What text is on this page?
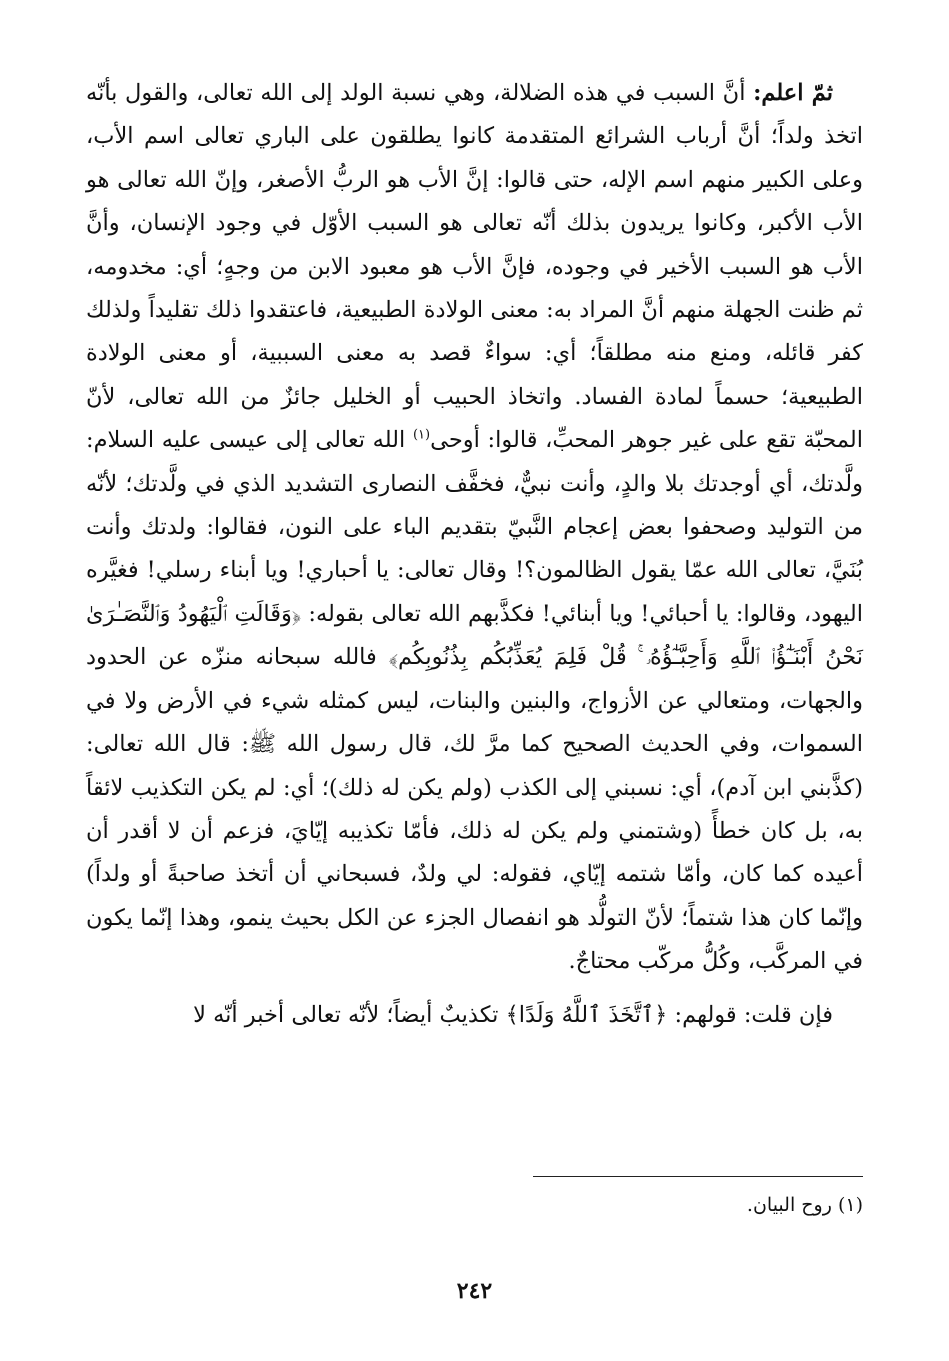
ثمّ اعلم: أنَّ السبب في هذه الضلالة، وهي نسبة الولد إلى الله تعالى، والقول بأنّه اتخذ ولداً؛ أنَّ أرباب الشرائع المتقدمة كانوا يطلقون على الباري تعالى اسم الأب، وعلى الكبير منهم اسم الإله، حتى قالوا: إنَّ الأب هو الربُّ الأصغر، وإنّ الله تعالى هو الأب الأكبر، وكانوا يريدون بذلك أنّه تعالى هو السبب الأوّل في وجود الإنسان، وأنَّ الأب هو السبب الأخير في وجوده، فإنَّ الأب هو معبود الابن من وجهٍ؛ أي: مخدومه، ثم ظنت الجهلة منهم أنَّ المراد به: معنى الولادة الطبيعية، فاعتقدوا ذلك تقليداً ولذلك كفر قائله، ومنع منه مطلقاً؛ أي: سواءٌ قصد به معنى السببية، أو معنى الولادة الطبيعية؛ حسماً لمادة الفساد. واتخاذ الحبيب أو الخليل جائزٌ من الله تعالى، لأنّ المحبّة تقع على غير جوهر المحبِّ، قالوا: أوحى$^{(١)}$ الله تعالى إلى عيسى عليه السلام: ولَّدتك، أي أوجدتك بلا والدٍ، وأنت نبيٌّ، فخفَّف النصارى التشديد الذي في ولَّدتك؛ لأنّه من التوليد وصحفوا بعض إعجام النَّبيّ بتقديم الباء على النون، فقالوا: ولدتك وأنت بُنَيَّ، تعالى الله عمّا يقول الظالمون؟! وقال تعالى: يا أحباري! ويا أبناء رسلي! فغيَّره اليهود، وقالوا: يا أحبائي! ويا أبنائي! فكذَّبهم الله تعالى بقوله: ﴿وَقَالَتِ ٱلْيَهُودُ وَٱلنَّصَـٰرَىٰ نَحْنُ أَبْنَـٰٓؤُا۟ ٱللَّهِ وَأَحِبَّـٰٓؤُهُۥ ۚ قُلْ فَلِمَ يُعَذِّبُكُم بِذُنُوبِكُم﴾ فالله سبحانه منزّه عن الحدود والجهات، ومتعالي عن الأزواج، والبنين والبنات، ليس كمثله شيء في الأرض ولا في السموات، وفي الحديث الصحيح كما مرَّ لك، قال رسول الله ﷺ: قال الله تعالى: (كذَّبني ابن آدم)، أي: نسبني إلى الكذب (ولم يكن له ذلك)؛ أي: لم يكن التكذيب لائقاً به، بل كان خطأً (وشتمني ولم يكن له ذلك، فأمّا تكذيبه إيّايَ، فزعم أن لا أقدر أن أعيده كما كان، وأمّا شتمه إيّاي، فقوله: لي ولدٌ، فسبحاني أن أتخذ صاحبةً أو ولداً) وإنّما كان هذا شتماً؛ لأنّ التولُّد هو انفصال الجزء عن الكل بحيث ينمو، وهذا إنّما يكون في المركَّب، وكُلُّ مركّب محتاجٌ.

فإن قلت: قولهم: ﴿ٱتَّخَذَ ٱللَّهُ وَلَدًا﴾ تكذيبٌ أيضاً؛ لأنّه تعالى أخبر أنّه لا

(١) روح البيان.
٢٤٢
